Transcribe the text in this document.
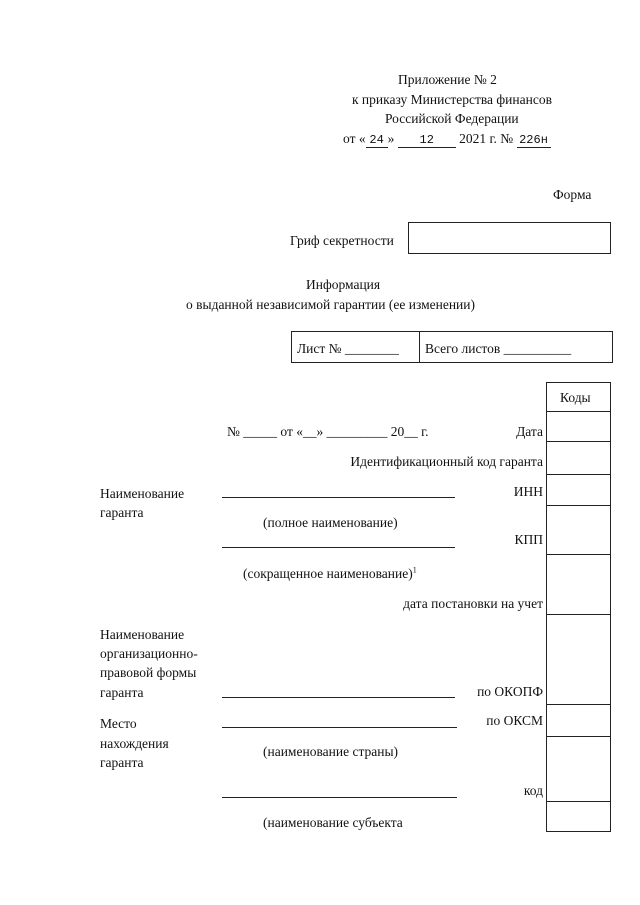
Приложение № 2
к приказу Министерства финансов
Российской Федерации
от « 24 » 12 2021 г. № 226н
Форма
Гриф секретности
Информация
о выданной независимой гарантии (ее изменении)
Лист № ________ Всего листов __________
Коды
№ _____ от «__» _________ 20__ г.	Дата
Идентификационный код гаранта
Наименование
гаранта
ИНН
(полное наименование)
КПП
(сокращенное наименование)$^1$
дата постановки на учет
Наименование
организационно-
правовой формы
гаранта	по ОКОПФ
Место
нахождения
гаранта
по ОКСМ
(наименование страны)
код
(наименование субъекта
